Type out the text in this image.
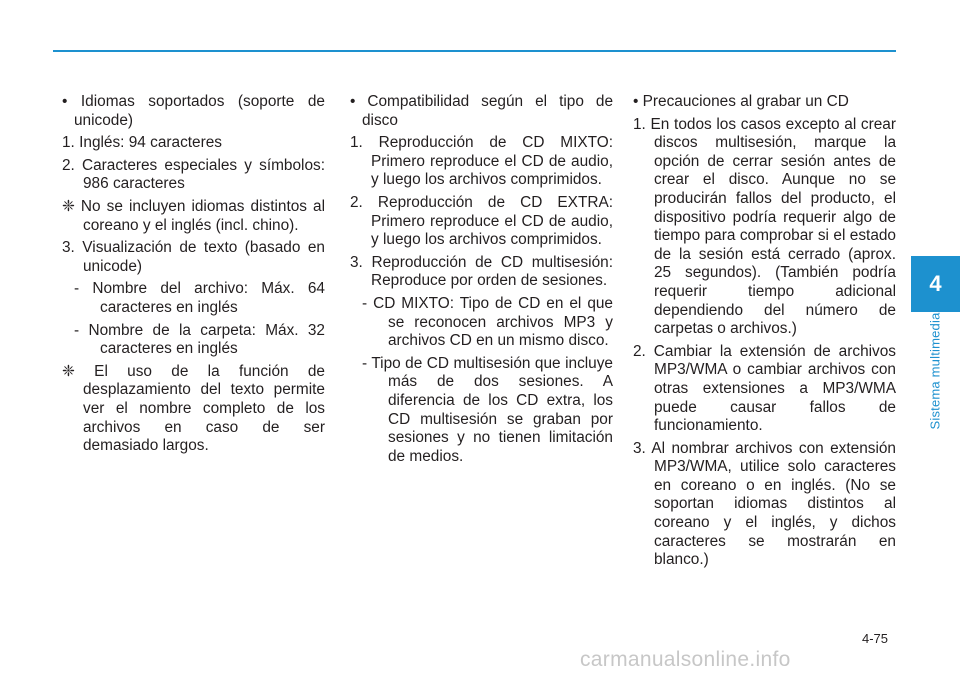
• Idiomas soportados (soporte de unicode)

1. Inglés: 94 caracteres

2. Caracteres especiales y símbolos: 986 caracteres

❈ No se incluyen idiomas distintos al coreano y el inglés (incl. chino).

3. Visualización de texto (basado en unicode)

- Nombre del archivo: Máx. 64 caracteres en inglés

- Nombre de la carpeta: Máx. 32 caracteres en inglés

❈ El uso de la función de desplazamiento del texto permite ver el nombre completo de los archivos en caso de ser demasiado largos.

• Compatibilidad según el tipo de disco

1. Reproducción de CD MIXTO: Primero reproduce el CD de audio, y luego los archivos comprimidos.

2. Reproducción de CD EXTRA: Primero reproduce el CD de audio, y luego los archivos comprimidos.

3. Reproducción de CD multisesión: Reproduce por orden de sesiones.

- CD MIXTO: Tipo de CD en el que se reconocen archivos MP3 y archivos CD en un mismo disco.

- Tipo de CD multisesión que incluye más de dos sesiones. A diferencia de los CD extra, los CD multisesión se graban por sesiones y no tienen limitación de medios.

• Precauciones al grabar un CD

1. En todos los casos excepto al crear discos multisesión, marque la opción de cerrar sesión antes de crear el disco. Aunque no se producirán fallos del producto, el dispositivo podría requerir algo de tiempo para comprobar si el estado de la sesión está cerrado (aprox. 25 segundos). (También podría requerir tiempo adicional dependiendo del número de carpetas o archivos.)

2. Cambiar la extensión de archivos MP3/WMA o cambiar archivos con otras extensiones a MP3/WMA puede causar fallos de funcionamiento.

3. Al nombrar archivos con extensión MP3/WMA, utilice solo caracteres en coreano o en inglés. (No se soportan idiomas distintos al coreano y el inglés, y dichos caracteres se mostrarán en blanco.)

4
Sistema multimedia
4-75
carmanualsonline.info
